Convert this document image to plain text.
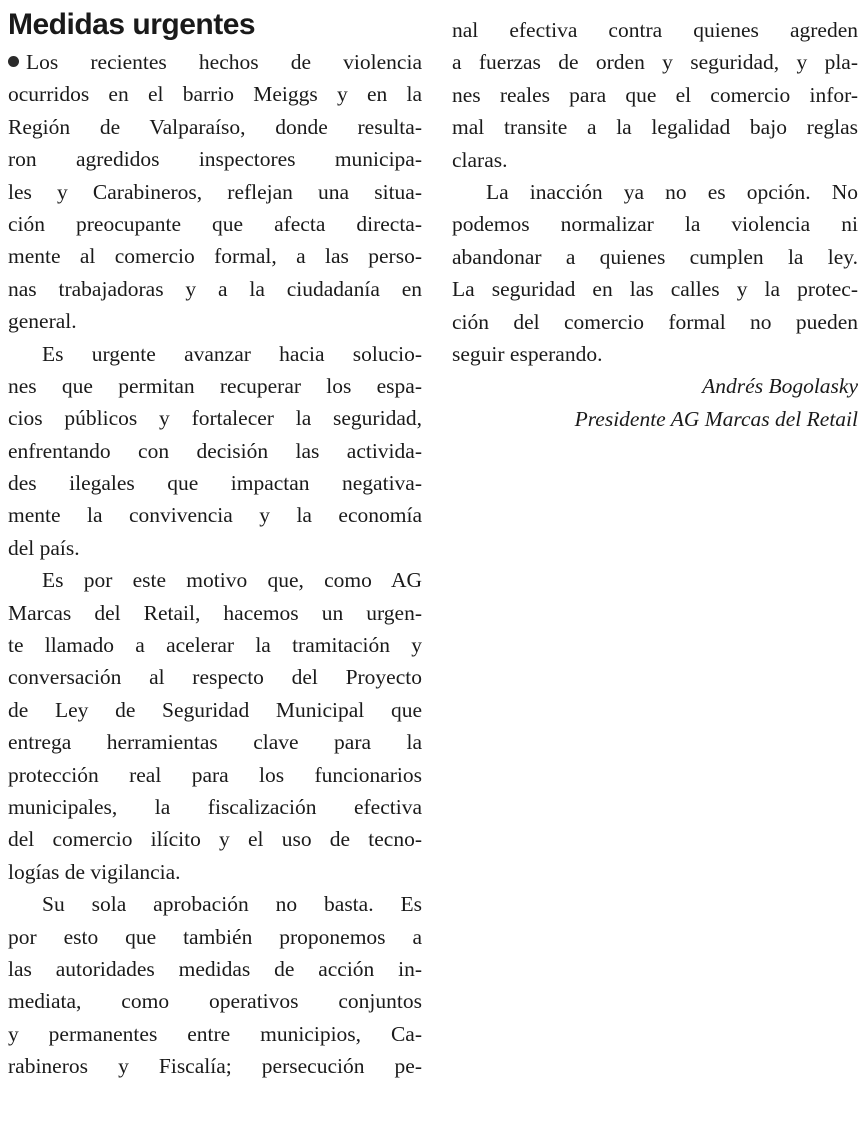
Medidas urgentes
Los recientes hechos de violencia
ocurridos en el barrio Meiggs y en la
Región de Valparaíso, donde resulta-
ron agredidos inspectores municipa-
les y Carabineros, reflejan una situa-
ción preocupante que afecta directa-
mente al comercio formal, a las perso-
nas trabajadoras y a la ciudadanía en
general.
Es urgente avanzar hacia solucio-
nes que permitan recuperar los espa-
cios públicos y fortalecer la seguridad,
enfrentando con decisión las activida-
des ilegales que impactan negativa-
mente la convivencia y la economía
del país.
Es por este motivo que, como AG
Marcas del Retail, hacemos un urgen-
te llamado a acelerar la tramitación y
conversación al respecto del Proyecto
de Ley de Seguridad Municipal que
entrega herramientas clave para la
protección real para los funcionarios
municipales, la fiscalización efectiva
del comercio ilícito y el uso de tecno-
logías de vigilancia.
Su sola aprobación no basta. Es
por esto que también proponemos a
las autoridades medidas de acción in-
mediata, como operativos conjuntos
y permanentes entre municipios, Ca-
rabineros y Fiscalía; persecución pe-
nal efectiva contra quienes agreden
a fuerzas de orden y seguridad, y pla-
nes reales para que el comercio infor-
mal transite a la legalidad bajo reglas
claras.
La inacción ya no es opción. No
podemos normalizar la violencia ni
abandonar a quienes cumplen la ley.
La seguridad en las calles y la protec-
ción del comercio formal no pueden
seguir esperando.
Andrés Bogolasky
Presidente AG Marcas del Retail
